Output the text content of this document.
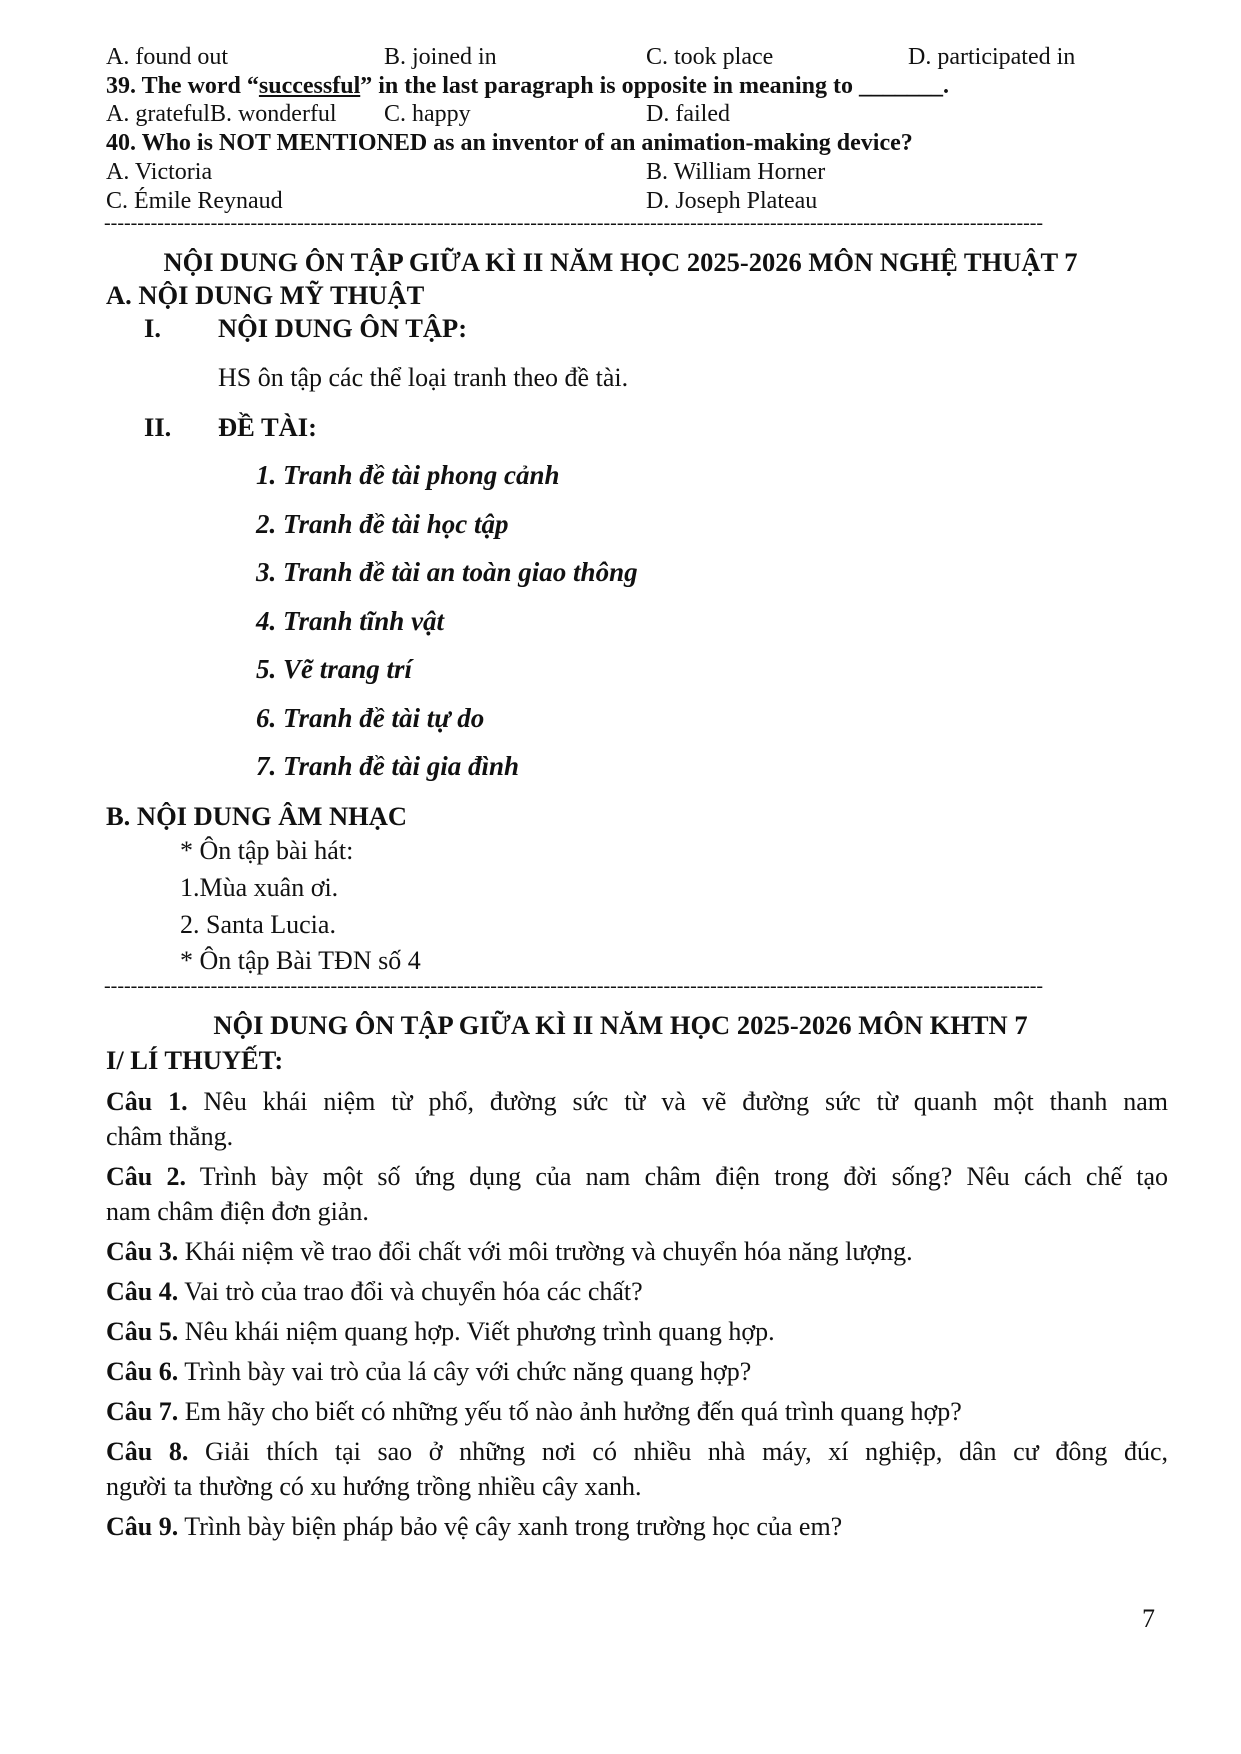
A. found out	B. joined in	C. took place	D. participated in
39. The word “successful” in the last paragraph is opposite in meaning to _______.
A. gratefulB. wonderful C. happy	D. failed
40. Who is NOT MENTIONED as an inventor of an animation-making device?
A. Victoria	B. William Horner
C. Émile Reynaud	D. Joseph Plateau
---------------------------------------------------------------------------------------------------------------------------------------------
NỘI DUNG ÔN TẬP GIỮA KÌ II NĂM HỌC 2025-2026 MÔN NGHỆ THUẬT 7
A. NỘI DUNG MỸ THUẬT
I. NỘI DUNG ÔN TẬP:
HS ôn tập các thể loại tranh theo đề tài.
II. ĐỀ TÀI:
1. Tranh đề tài phong cảnh
2. Tranh đề tài học tập
3. Tranh đề tài an toàn giao thông
4. Tranh tĩnh vật
5. Vẽ trang trí
6. Tranh đề tài tự do
7. Tranh đề tài gia đình
B. NỘI DUNG ÂM NHẠC
* Ôn tập bài hát:
1.Mùa xuân ơi.
2. Santa Lucia.
* Ôn tập Bài TĐN số 4
---------------------------------------------------------------------------------------------------------------------------------------------
NỘI DUNG ÔN TẬP GIỮA KÌ II NĂM HỌC 2025-2026 MÔN KHTN 7
I/ LÍ THUYẾT:
Câu 1. Nêu khái niệm từ phổ, đường sức từ và vẽ đường sức từ quanh một thanh nam
châm thẳng.
Câu 2. Trình bày một số ứng dụng của nam châm điện trong đời sống? Nêu cách chế tạo
nam châm điện đơn giản.
Câu 3. Khái niệm về trao đổi chất với môi trường và chuyển hóa năng lượng.
Câu 4. Vai trò của trao đổi và chuyển hóa các chất?
Câu 5. Nêu khái niệm quang hợp. Viết phương trình quang hợp.
Câu 6. Trình bày vai trò của lá cây với chức năng quang hợp?
Câu 7. Em hãy cho biết có những yếu tố nào ảnh hưởng đến quá trình quang hợp?
Câu 8. Giải thích tại sao ở những nơi có nhiều nhà máy, xí nghiệp, dân cư đông đúc,
người ta thường có xu hướng trồng nhiều cây xanh.
Câu 9. Trình bày biện pháp bảo vệ cây xanh trong trường học của em?
7
